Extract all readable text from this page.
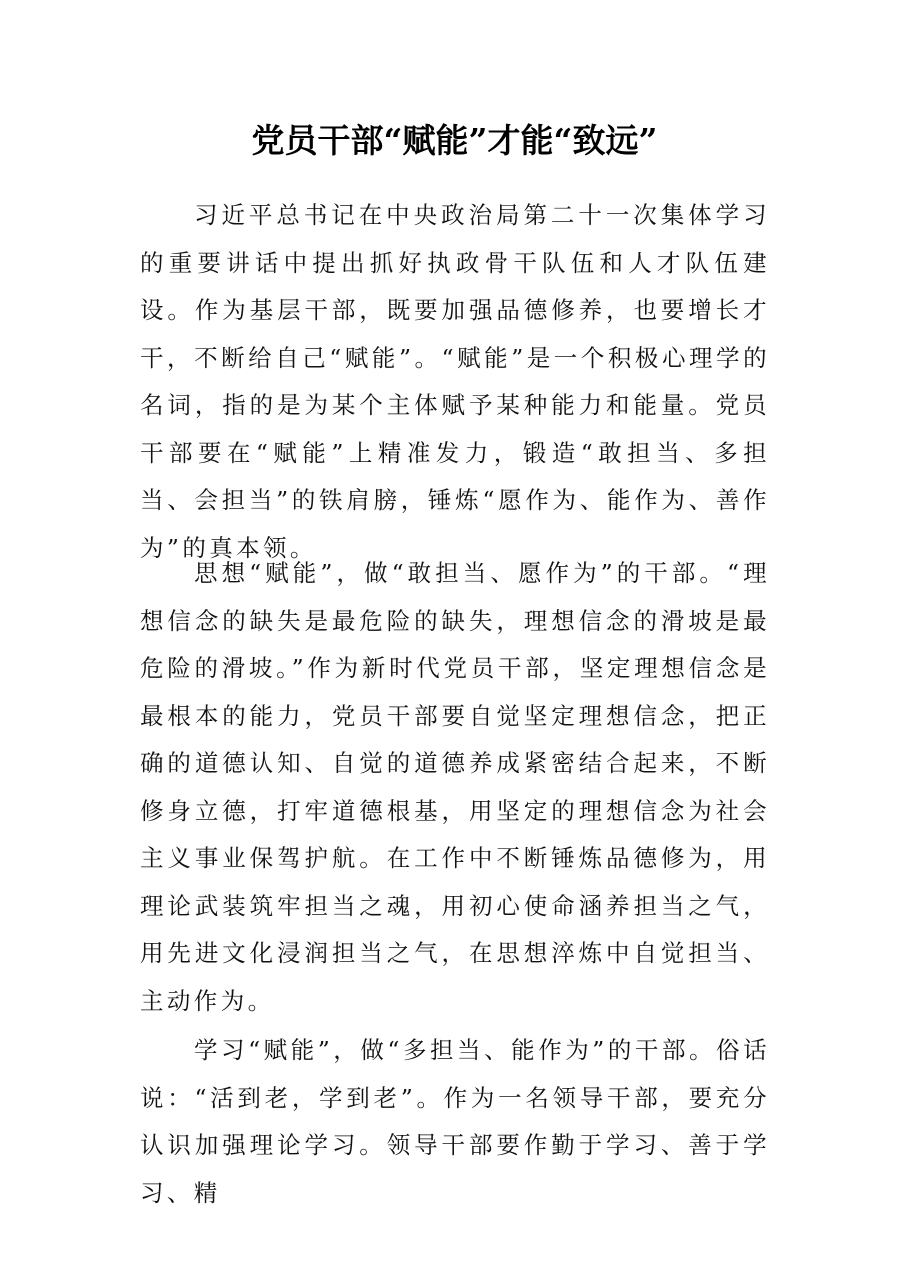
党员干部“赋能”才能“致远”

习近平总书记在中央政治局第二十一次集体学习的重要讲话中提出抓好执政骨干队伍和人才队伍建设。作为基层干部，既要加强品德修养，也要增长才干，不断给自己“赋能”。“赋能”是一个积极心理学的名词，指的是为某个主体赋予某种能力和能量。党员干部要在“赋能”上精准发力，锻造“敢担当、多担当、会担当”的铁肩膀，锤炼“愿作为、能作为、善作为”的真本领。

思想“赋能”，做“敢担当、愿作为”的干部。“理想信念的缺失是最危险的缺失，理想信念的滑坡是最危险的滑坡。”作为新时代党员干部，坚定理想信念是最根本的能力，党员干部要自觉坚定理想信念，把正确的道德认知、自觉的道德养成紧密结合起来，不断修身立德，打牢道德根基，用坚定的理想信念为社会主义事业保驾护航。在工作中不断锤炼品德修为，用理论武装筑牢担当之魂，用初心使命涵养担当之气，用先进文化浸润担当之气，在思想淬炼中自觉担当、主动作为。

学习“赋能”，做“多担当、能作为”的干部。俗话说：“活到老，学到老”。作为一名领导干部，要充分认识加强理论学习。领导干部要作勤于学习、善于学习、精
